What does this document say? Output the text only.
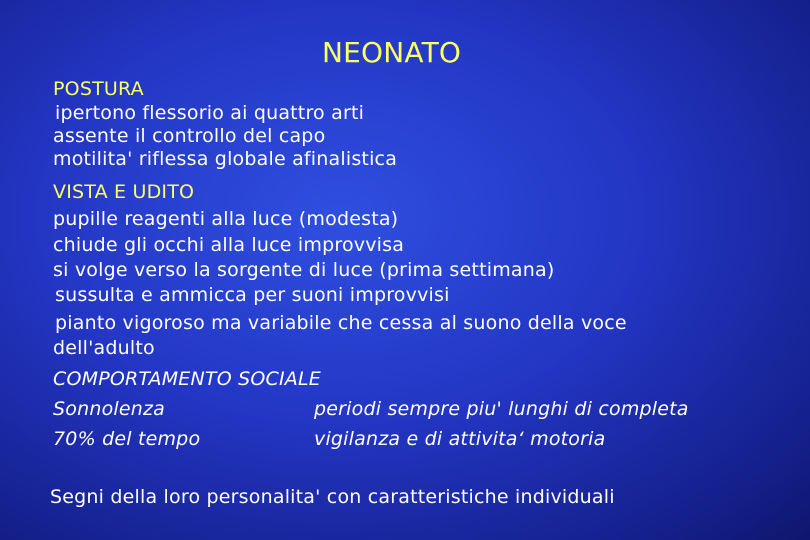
NEONATO
POSTURA
ipertono flessorio ai quattro arti
assente il controllo del capo
motilita' riflessa globale afinalistica
VISTA E UDITO
pupille reagenti alla luce (modesta)
chiude gli occhi alla luce improvvisa
si volge verso la sorgente di luce (prima settimana)
sussulta e ammicca per suoni improvvisi
pianto vigoroso ma variabile che cessa al suono della voce
dell'adulto
COMPORTAMENTO SOCIALE
Sonnolenza
70% del tempo
periodi sempre piu' lunghi di completa
vigilanza e di attivita‘ motoria
Segni della loro personalita' con caratteristiche individuali
